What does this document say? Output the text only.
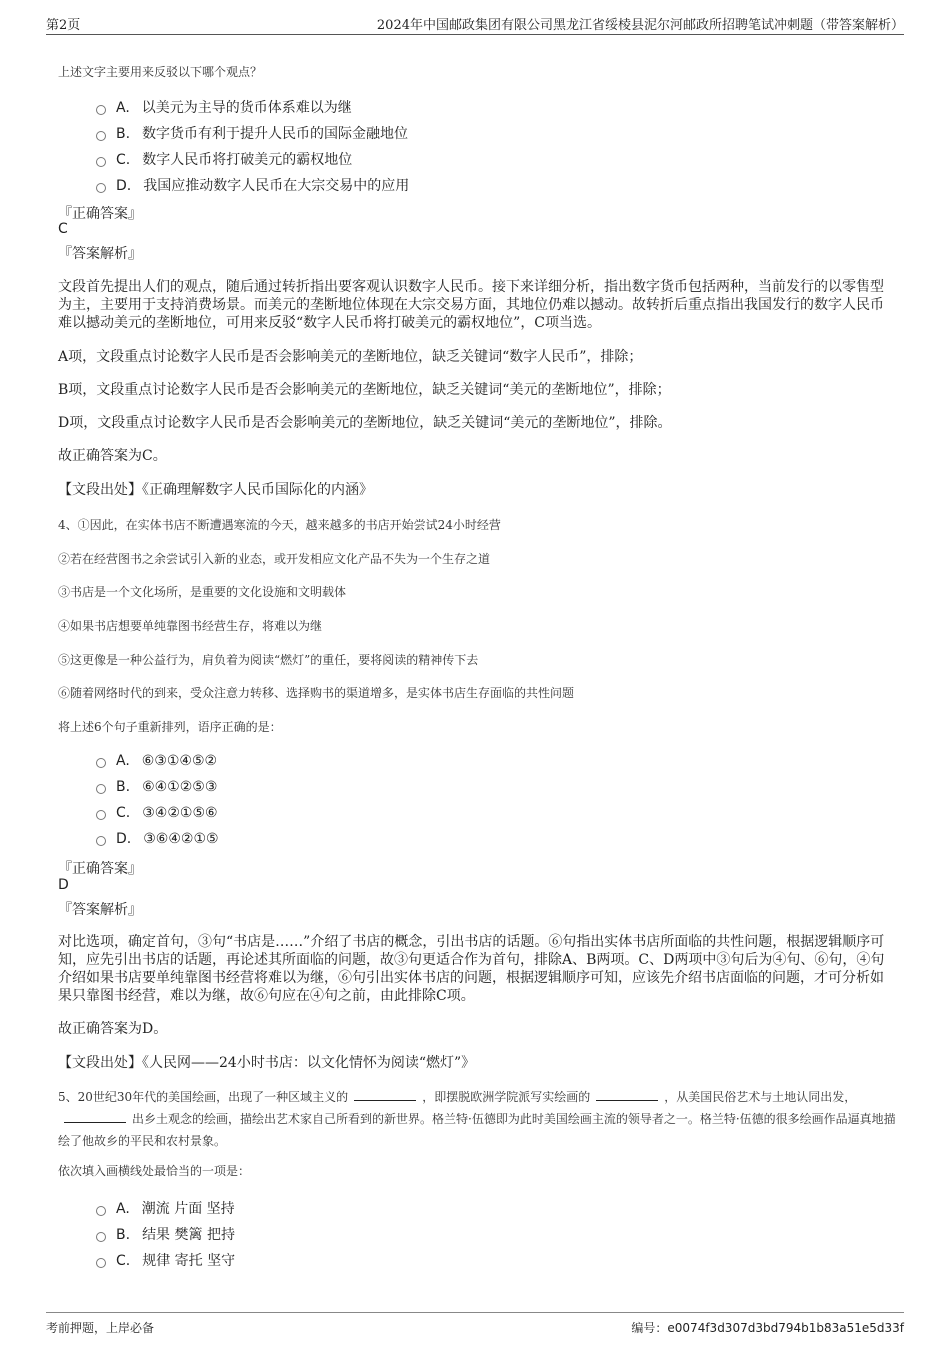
第2页	2024年中国邮政集团有限公司黑龙江省绥棱县泥尔河邮政所招聘笔试冲刺题（带答案解析）
上述文字主要用来反驳以下哪个观点？
A. 以美元为主导的货币体系难以为继
B. 数字货币有利于提升人民币的国际金融地位
C. 数字人民币将打破美元的霸权地位
D. 我国应推动数字人民币在大宗交易中的应用
『正确答案』
C
『答案解析』
文段首先提出人们的观点，随后通过转折指出要客观认识数字人民币。接下来详细分析，指出数字货币包括两种，当前发行的以零售型为主，主要用于支持消费场景。而美元的垄断地位体现在大宗交易方面，其地位仍难以撼动。故转折后重点指出我国发行的数字人民币难以撼动美元的垄断地位，可用来反驳“数字人民币将打破美元的霸权地位”，C项当选。
A项，文段重点讨论数字人民币是否会影响美元的垄断地位，缺乏关键词“数字人民币”，排除；
B项，文段重点讨论数字人民币是否会影响美元的垄断地位，缺乏关键词“美元的垄断地位”，排除；
D项，文段重点讨论数字人民币是否会影响美元的垄断地位，缺乏关键词“美元的垄断地位”，排除。
故正确答案为C。
【文段出处】《正确理解数字人民币国际化的内涵》
4、①因此，在实体书店不断遭遇寒流的今天，越来越多的书店开始尝试24小时经营
②若在经营图书之余尝试引入新的业态，或开发相应文化产品不失为一个生存之道
③书店是一个文化场所，是重要的文化设施和文明载体
④如果书店想要单纯靠图书经营生存，将难以为继
⑤这更像是一种公益行为，肩负着为阅读“燃灯”的重任，要将阅读的精神传下去
⑥随着网络时代的到来，受众注意力转移、选择购书的渠道增多，是实体书店生存面临的共性问题
将上述6个句子重新排列，语序正确的是：
A. ⑥③①④⑤②
B. ⑥④①②⑤③
C. ③④②①⑤⑥
D. ③⑥④②①⑤
『正确答案』
D
『答案解析』
对比选项，确定首句，③句“书店是……”介绍了书店的概念，引出书店的话题。⑥句指出实体书店所面临的共性问题，根据逻辑顺序可知，应先引出书店的话题，再论述其所面临的问题，故③句更适合作为首句，排除A、B两项。C、D两项中③句后为④句、⑥句，④句介绍如果书店要单纯靠图书经营将难以为继，⑥句引出实体书店的问题，根据逻辑顺序可知，应该先介绍书店面临的问题，才可分析如果只靠图书经营，难以为继，故⑥句应在④句之前，由此排除C项。
故正确答案为D。
【文段出处】《人民网——24小时书店：以文化情怀为阅读“燃灯”》
5、20世纪30年代的美国绘画，出现了一种区域主义的	，即摆脱欧洲学院派写实绘画的	，从美国民俗艺术与土地认同出发，出乡土观念的绘画，描绘出艺术家自己所看到的新世界。格兰特·伍德即为此时美国绘画主流的领导者之一。格兰特·伍德的很多绘画作品逼真地描绘了他故乡的平民和农村景象。
依次填入画横线处最恰当的一项是：
A. 潮流 片面 坚持
B. 结果 樊篱 把持
C. 规律 寄托 坚守
考前押题，上岸必备	编号：e0074f3d307d3bd794b1b83a51e5d33f
